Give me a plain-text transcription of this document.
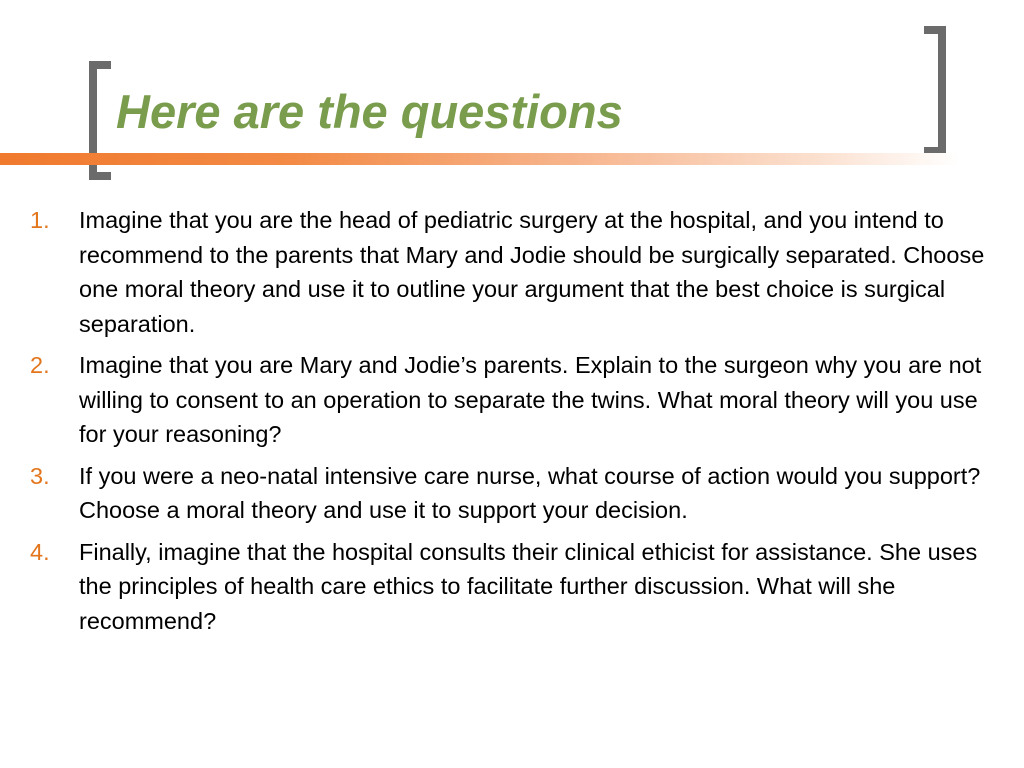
Here are the questions
1. Imagine that you are the head of pediatric surgery at the hospital, and you intend to recommend to the parents that Mary and Jodie should be surgically separated. Choose one moral theory and use it to outline your argument that the best choice is surgical separation.
2. Imagine that you are Mary and Jodie’s parents. Explain to the surgeon why you are not willing to consent to an operation to separate the twins. What moral theory will you use for your reasoning?
3. If you were a neo-natal intensive care nurse, what course of action would you support? Choose a moral theory and use it to support your decision.
4. Finally, imagine that the hospital consults their clinical ethicist for assistance. She uses the principles of health care ethics to facilitate further discussion. What will she recommend?
